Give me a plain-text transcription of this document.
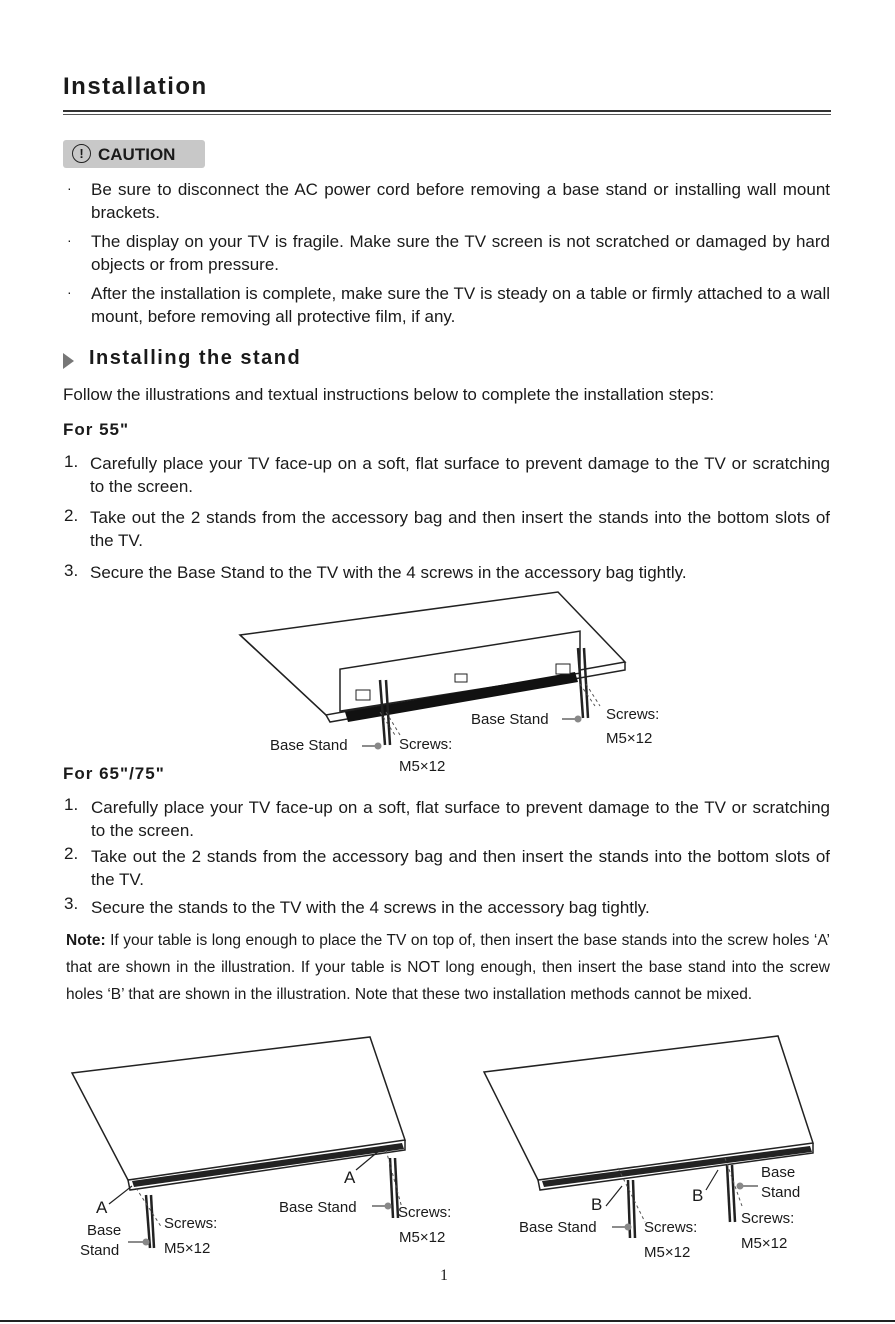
Installation
! CAUTION
· Be sure to disconnect the AC power cord before removing a base stand or installing wall mount brackets.
· The display on your TV is fragile. Make sure the TV screen is not scratched or damaged by hard objects or from pressure.
· After the installation is complete, make sure the TV is steady on a table or firmly attached to a wall mount, before removing all protective film, if any.
Installing the stand
Follow the illustrations and textual instructions below to complete the installation steps:
For 55"
1. Carefully place your TV face-up on a soft, flat surface to prevent damage to the TV or scratching to the screen.
2. Take out the 2 stands from the accessory bag and then insert the stands into the bottom slots of the TV.
3. Secure the Base Stand to the TV with the 4 screws in the accessory bag tightly.
Base Stand	Screws:
M5×12
Base Stand	Screws:
M5×12
For 65"/75"
1. Carefully place your TV face-up on a soft, flat surface to prevent damage to the TV or scratching to the screen.
2. Take out the 2 stands from the accessory bag and then insert the stands into the bottom slots of the TV.
3. Secure the stands to the TV with the 4 screws in the accessory bag tightly.
Note: If your table is long enough to place the TV on top of, then insert the base stands into the screw holes ‘A’ that are shown in the illustration. If your table is NOT long enough, then insert the base stand into the screw holes ‘B’ that are shown in the illustration. Note that these two installation methods cannot be mixed.
A
A
Base
Stand
Screws:
M5×12
Base Stand	Screws:
M5×12
B	B
Base Stand	Screws:
M5×12
Base
Stand
Screws:
M5×12
1
